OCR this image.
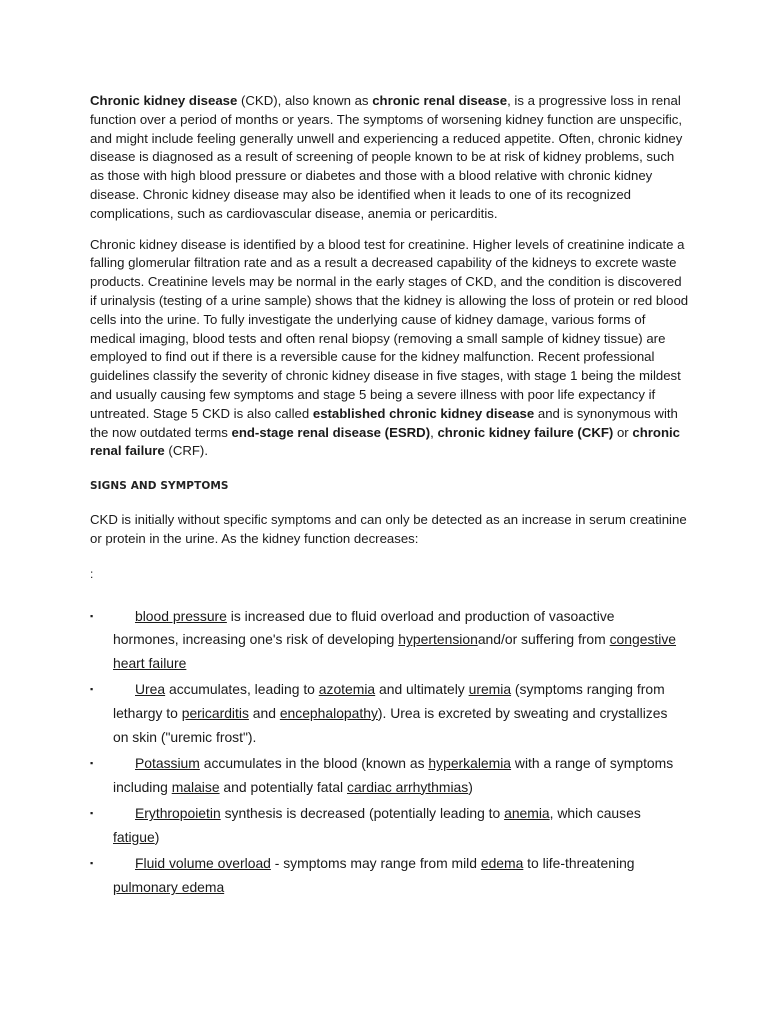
Chronic kidney disease (CKD), also known as chronic renal disease, is a progressive loss in renal function over a period of months or years. The symptoms of worsening kidney function are unspecific, and might include feeling generally unwell and experiencing a reduced appetite. Often, chronic kidney disease is diagnosed as a result of screening of people known to be at risk of kidney problems, such as those with high blood pressure or diabetes and those with a blood relative with chronic kidney disease. Chronic kidney disease may also be identified when it leads to one of its recognized complications, such as cardiovascular disease, anemia or pericarditis.

Chronic kidney disease is identified by a blood test for creatinine. Higher levels of creatinine indicate a falling glomerular filtration rate and as a result a decreased capability of the kidneys to excrete waste products. Creatinine levels may be normal in the early stages of CKD, and the condition is discovered if urinalysis (testing of a urine sample) shows that the kidney is allowing the loss of protein or red blood cells into the urine. To fully investigate the underlying cause of kidney damage, various forms of medical imaging, blood tests and often renal biopsy (removing a small sample of kidney tissue) are employed to find out if there is a reversible cause for the kidney malfunction. Recent professional guidelines classify the severity of chronic kidney disease in five stages, with stage 1 being the mildest and usually causing few symptoms and stage 5 being a severe illness with poor life expectancy if untreated. Stage 5 CKD is also called established chronic kidney disease and is synonymous with the now outdated terms end-stage renal disease (ESRD), chronic kidney failure (CKF) or chronic renal failure (CRF).

SIGNS AND SYMPTOMS

CKD is initially without specific symptoms and can only be detected as an increase in serum creatinine or protein in the urine. As the kidney function decreases:

:
▪	blood pressure is increased due to fluid overload and production of vasoactive hormones, increasing one's risk of developing hypertensionand/or suffering from congestive heart failure
▪	Urea accumulates, leading to azotemia and ultimately uremia (symptoms ranging from lethargy to pericarditis and encephalopathy). Urea is excreted by sweating and crystallizes on skin ("uremic frost").
▪	Potassium accumulates in the blood (known as hyperkalemia with a range of symptoms including malaise and potentially fatal cardiac arrhythmias)
▪	Erythropoietin synthesis is decreased (potentially leading to anemia, which causes fatigue)
▪	Fluid volume overload - symptoms may range from mild edema to life-threatening pulmonary edema
